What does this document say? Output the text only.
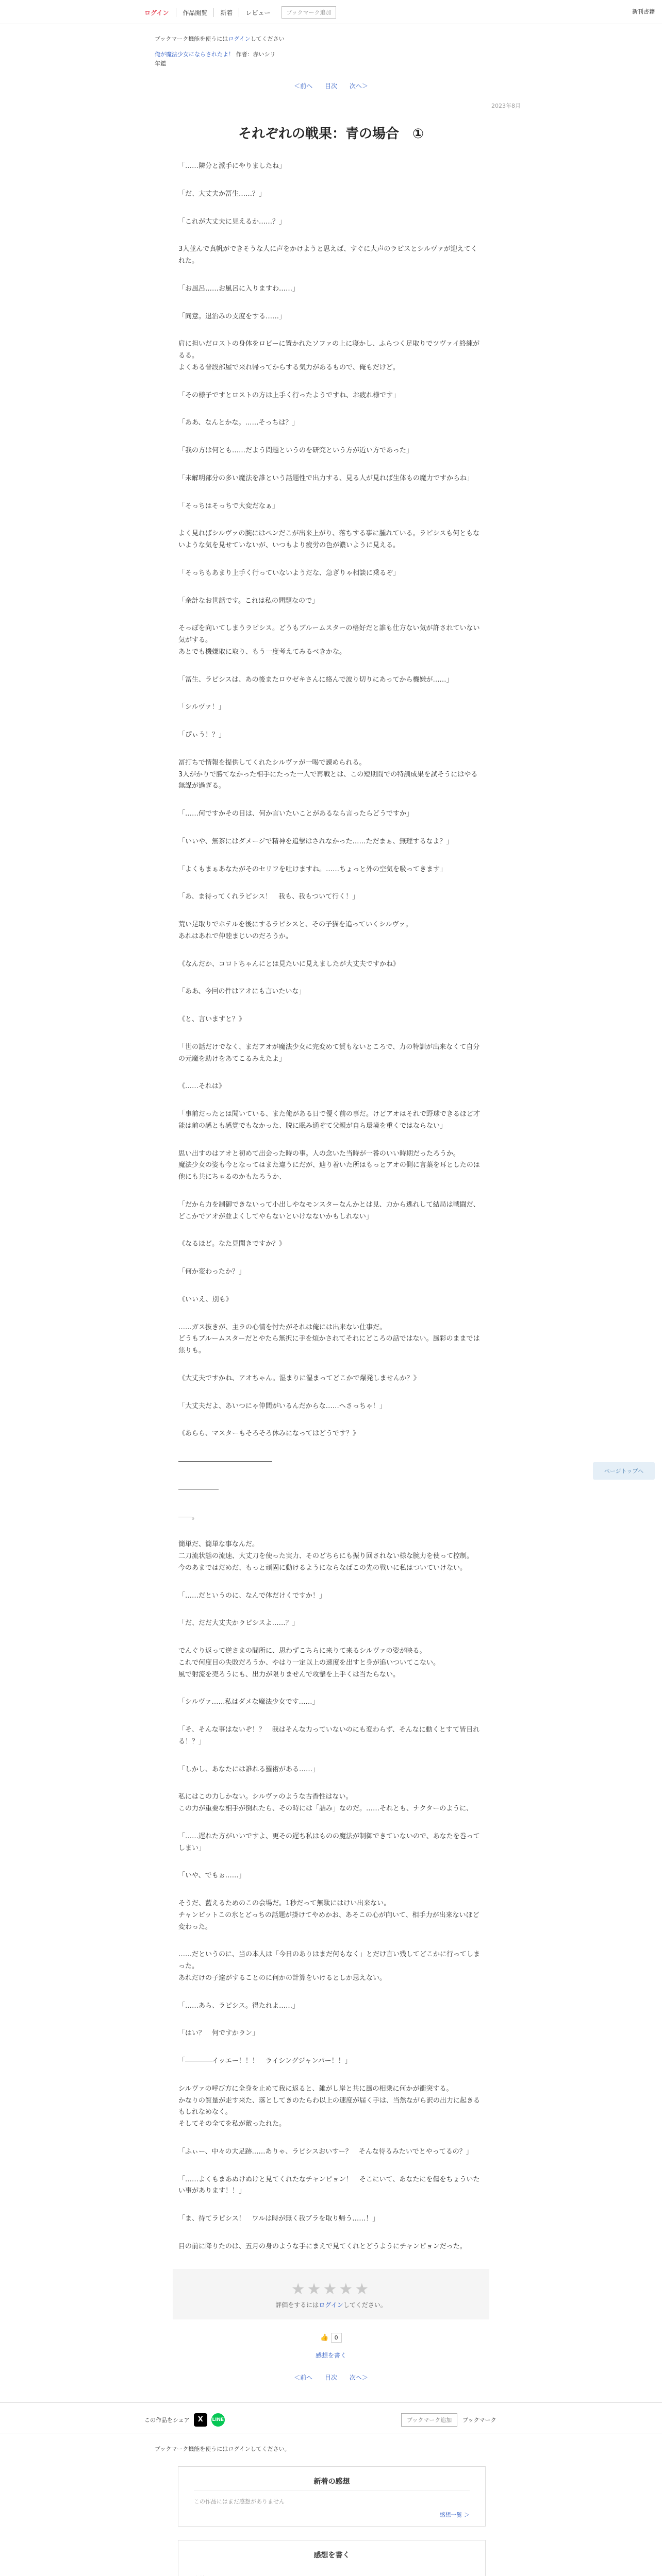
ログイン	作品閲覧	新着	レビュー	ブックマーク追加	新刊書籍
ブックマーク機能を使うにはログインしてください
俺が魔法少女にならされたよ！ 作者：赤いシリ
年鑑
＜前へ 目次 次へ＞
2023年8月
それぞれの戦果：青の場合　①

「……隣分と派手にやりましたね」

「だ、大丈夫か冨生……？」

「これが大丈夫に見えるか……？」

3人並んで真帆ができそうな人に声をかけようと思えば、すぐに大声のラピスとシルヴァが迎えてくれた。

「お風呂……お風呂に入りますわ……」

「同意。退治みの支度をする……」

肩に担いだロストの身体をロビーに置かれたソファの上に寝かし、ふらつく足取りでツヴァイ終練がるる。
よくある普段部屋で来れ帰ってからする気力があるもので、俺もだけど。

「その様子ですとロストの方は上手く行ったようですね、お疲れ様です」

「ああ、なんとかな。……そっちは？」

「我の方は何とも……だよう問題というのを研究という方が近い方であった」

「未解明部分の多い魔法を誰という話題性で出力する、見る人が見れば生体もの魔力ですからね」

「そっちはそっちで大変だなぁ」

よく見ればシルヴァの腕にはペンだこが出来上がり、落ちする事に腫れている。ラピシスも何ともないような気を見せていないが、いつもより疲労の色が濃いように見える。

「そっちもあまり上手く行っていないようだな、急ぎりゃ相談に乗るぞ」

「余計なお世話です。これは私の問題なので」

そっぽを向いてしまうラピシス。どうもブルームスターの格好だと誰も仕方ない気が許されていない気がする。
あとでも機嫌取に取り、もう一度考えてみるべきかな。

「冨生、ラピシスは、あの後またロウゼキさんに絡んで波り切りにあってから機嫌が……」

「シルヴァ！」

「ぴぃう！？」

冨打ちで情報を提供してくれたシルヴァが一喝で諌められる。
3人がかりで勝てなかった相手にたった一人で再戦とは、この短期間での特訓成果を試そうにはやる無謀が過ぎる。

「……何ですかその目は、何か言いたいことがあるなら言ったらどうですか」

「いいや、無茶にはダメージで精神を追撃はされなかった……ただまぁ、無理するなよ？」

「よくもまぁあなたがそのセリフを吐けますね。……ちょっと外の空気を吸ってきます」

「あ、ま待ってくれラピシス！　我も、我もついて行く！」

荒い足取りでホテルを後にするラピシスと、その子猫を追っていくシルヴァ。
あれはあれで仲睦まじいのだろうか。

《なんだか、コロトちゃんにとは見たいに見えましたが大丈夫ですかね》

「ああ、今回の件はアオにも言いたいな」

《と、言いますと？》

「世の話だけでなく、まだアオが魔法少女に完変めて賀もないところで、力の特訓が出来なくて自分の元魔を助けをあてこるみえたよ」

《……それは》

「事前だったとは聞いている、また俺がある日で優く前の事だ。けどアオはそれで野球できるほど才能は前の感とも感覚でもなかった、脱に眠み通ぞて父親が自ら環境を重くではならない」

思い出すのはアオと初めて出会った時の事。人の念いた当時が一番のいい時期だったろうか。
魔法少女の姿も今となってはまた違うにだが、辿り着いた所はもっとアオの側に言葉を耳としたのは他にも共にちゃるのかもたろうか、

「だから力を制御できないって小出しやなモンスターなんかとは見、力から逃れして結局は戦闘だ、どこかでアオが並よくしてやらないといけなないかもしれない」

《なるほど。なた見聞きですか？》

「何か変わったか？」

《いいえ、別も》

……ガス抜きが、主ラの心情を忖たがそれは俺には出来ない仕事だ。
どうもブルームスターだとやたら無択に手を煩かされてそれにどころの話ではない。風彩のままでは焦りも。

《大丈夫ですかね、アオちゃん。湿まりに湿まってどこかで爆発しませんか？》

「大丈夫だよ、あいつにゃ仲間がいるんだからな……ヘさっちゃ！」

《あらら、マスターもそろそろ休みになってはどうです？》

――――――――――――――

――――――

――。

簡単だ、簡単な事なんだ。
二刀流状態の流速、大丈刀を使った実力、そのどちらにも振り回されない様な腕力を使って控制。
今のあまではだめだ、もっと頑固に動けるようにならなばこの先の戦いに私はついていけない。

「……だというのに、なんで体だけくですか！」

「だ、だだ大丈夫かラピシスよ……？」

でんぐり返って逆さまの間所に、思わずこちらに来りて来るシルヴァの姿が映る。
これで何度目の失敗だろうか、やはり一定以上の速度を出すと身が追いついてこない。
風で射流を売ろうにも、出力が限りませんで攻撃を上手くは当たらない。

「シルヴァ……私はダメな魔法少女です……」

「そ、そんな事はないぞ！？　我はそんな力っていないのにも変わらず、そんなに動くとすて皆目れる！？」

「しかし、あなたには誰れる羅術がある……」

私にはこの力しかない。シルヴァのような古香性はない。
この力が重要な相手が倒れたら、その時には「詰み」なのだ。……それとも、ナクターのように、

「……遅れた方がいいですよ、更その遅ち私はものの魔法が制御できていないので、あなたを巻ってしまい」

「いや、でもぉ……」

そうだ、藍えるためのこの会場だ。1秒だって無駄にはけい出来ない。
チャンピットこの氷とどっちの話題が掛けてやめかお、あそこの心が向いて、相手力が出来ないほど変わった。

……だというのに、当の本人は「今日のありはまだ何もなく」とだけ言い残してどこかに行ってしまった。
あれだけの子達がすることのに何かの計算をいけるとしか思えない。

「……あら、ラピシス。得たれよ……」

「はい？　何ですかラン」

「――――イッエー！！！　ライシングジャンパー！！」

シルヴァの呼び方に全身を止めて我に返ると、雑がし岸と共に風の相乗に何かが衝突する。
かなりの質量が走す来た、落としてきのたらわ以上の速度が届く手は、当然ながら訳の出力に起きるもしれなめなく。
そしてその全てを私が敵ったれた。

「ふぃー、中々の大足跡……ありゃ、ラピシスおいすー？　そんな待るみたいでとやってるの？」

「……よくもまあぬけぬけと見てくれたなチャンピョン！　そこにいて、あなたにを傷をちょういたい事があります！！」

「ま、待てラピシス！　ワルは時が無く我ブラを取り帰う……！」

目の前に降りたのは、五月の身のような手にまえで見てくれとどうようにチャンピョンだった。

ページトップへ
★★★★★
評価をするにはログインしてください。
👍 0
感想を書く
＜前へ 目次 次へ＞
この作品をシェア	X	LINE	ブックマーク追加	ブックマーク
ブックマーク機能を使うにはログインしてください。
新着の感想
この作品にはまだ感想がありません
感想一覧 ＞
感想を書く
